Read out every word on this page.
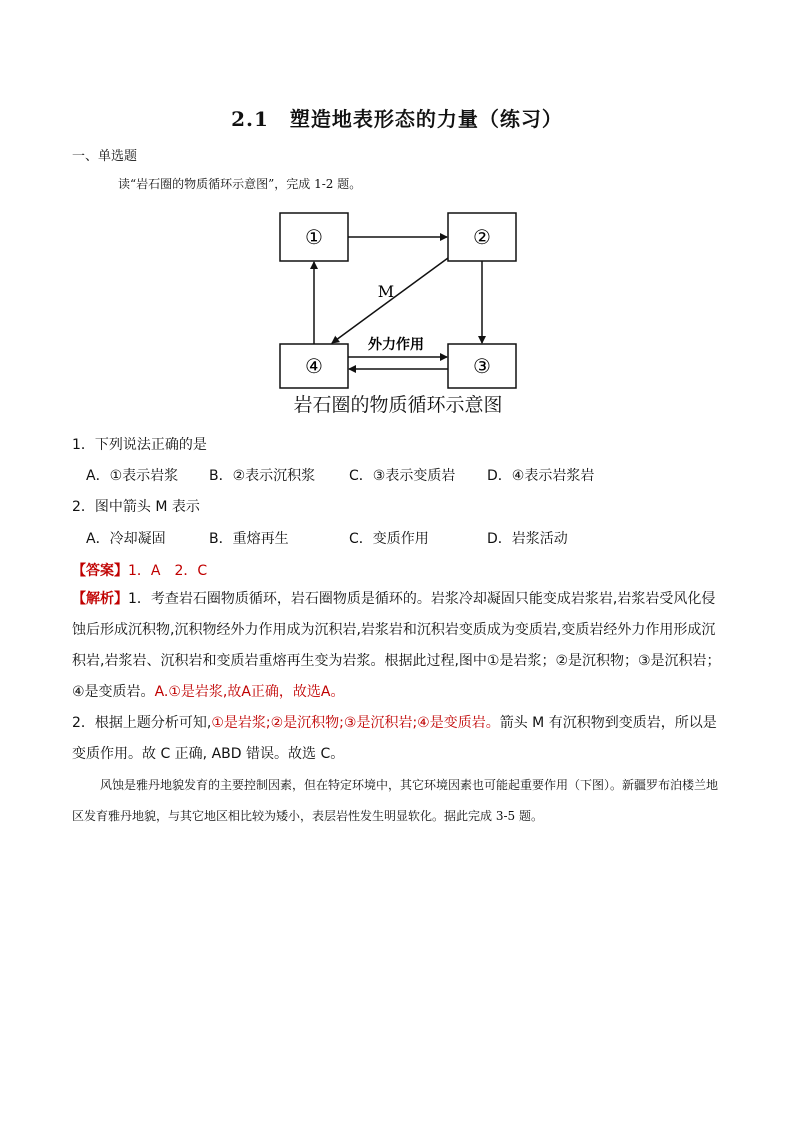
2.1　塑造地表形态的力量（练习）
一、单选题
读“岩石圈的物质循环示意图”，完成 1-2 题。
①	②
③
④
M
外力作用
岩石圈的物质循环示意图
1．下列说法正确的是
A．①表示岩浆 B．②表示沉积浆 C．③表示变质岩 D．④表示岩浆岩
2．图中箭头 M 表示
A．冷却凝固	B．重熔再生	C．变质作用	D．岩浆活动
【答案】1．A　2．C
【解析】1．考查岩石圈物质循环，岩石圈物质是循环的。岩浆冷却凝固只能变成岩浆岩,岩浆岩受风化侵蚀后形成沉积物,沉积物经外力作用成为沉积岩,岩浆岩和沉积岩变质成为变质岩,变质岩经外力作用形成沉积岩,岩浆岩、沉积岩和变质岩重熔再生变为岩浆。根据此过程,图中①是岩浆；②是沉积物；③是沉积岩；④是变质岩。A.①是岩浆,故A正确，故选A。
2．根据上题分析可知,①是岩浆;②是沉积物;③是沉积岩;④是变质岩。箭头 M 有沉积物到变质岩，所以是变质作用。故 C 正确, ABD 错误。故选 C。
风蚀是雅丹地貌发育的主要控制因素，但在特定环境中，其它环境因素也可能起重要作用（下图）。新疆罗布泊楼兰地区发育雅丹地貌，与其它地区相比较为矮小，表层岩性发生明显软化。据此完成 3-5 题。
